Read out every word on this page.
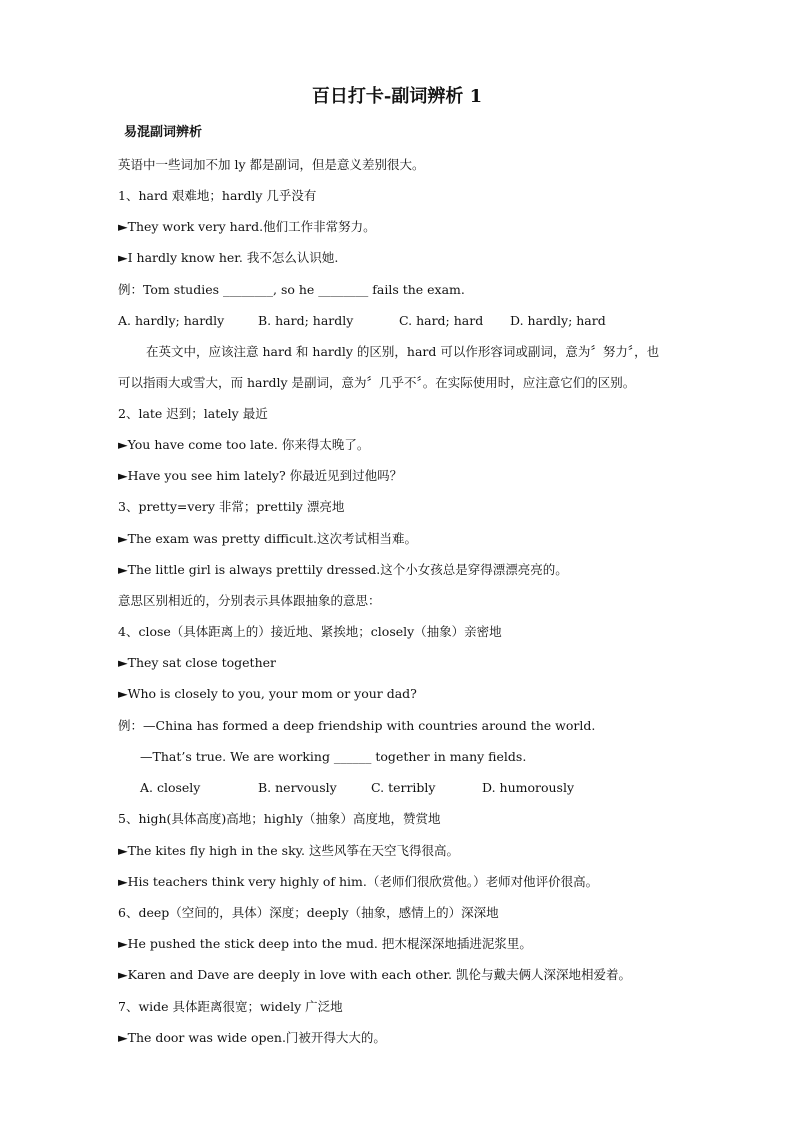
百日打卡-副词辨析 1
易混副词辨析
英语中一些词加不加 ly 都是副词，但是意义差别很大。
1、hard 艰难地；hardly 几乎没有
►They work very hard.他们工作非常努力。
►I hardly know her. 我不怎么认识她.
例：Tom studies ________, so he ________ fails the exam.
A. hardly; hardly	B. hard; hardly	C. hard; hard D. hardly; hard
在英文中，应该注意 hard 和 hardly 的区别，hard 可以作形容词或副词，意为〞努力〞，也
可以指雨大或雪大，而 hardly 是副词，意为〞几乎不〞。在实际使用时，应注意它们的区别。
2、late 迟到；lately 最近
►You have come too late. 你来得太晚了。
►Have you see him lately? 你最近见到过他吗？
3、pretty=very 非常；prettily 漂亮地
►The exam was pretty difficult.这次考试相当难。
►The little girl is always prettily dressed.这个小女孩总是穿得漂漂亮亮的。
意思区别相近的，分别表示具体跟抽象的意思：
4、close（具体距离上的）接近地、紧挨地；closely（抽象）亲密地
►They sat close together
►Who is closely to you, your mom or your dad?
例：—China has formed a deep friendship with countries around the world.
—That’s true. We are working ______ together in many fields.
A. closely	B. nervously	C. terribly	D. humorously
5、high(具体高度)高地；highly（抽象）高度地，赞赏地
►The kites fly high in the sky. 这些风筝在天空飞得很高。
►His teachers think very highly of him.（老师们很欣赏他。）老师对他评价很高。
6、deep（空间的，具体）深度；deeply（抽象，感情上的）深深地
►He pushed the stick deep into the mud. 把木棍深深地插进泥浆里。
►Karen and Dave are deeply in love with each other. 凯伦与戴夫俩人深深地相爱着。
7、wide 具体距离很宽；widely 广泛地
►The door was wide open.门被开得大大的。
